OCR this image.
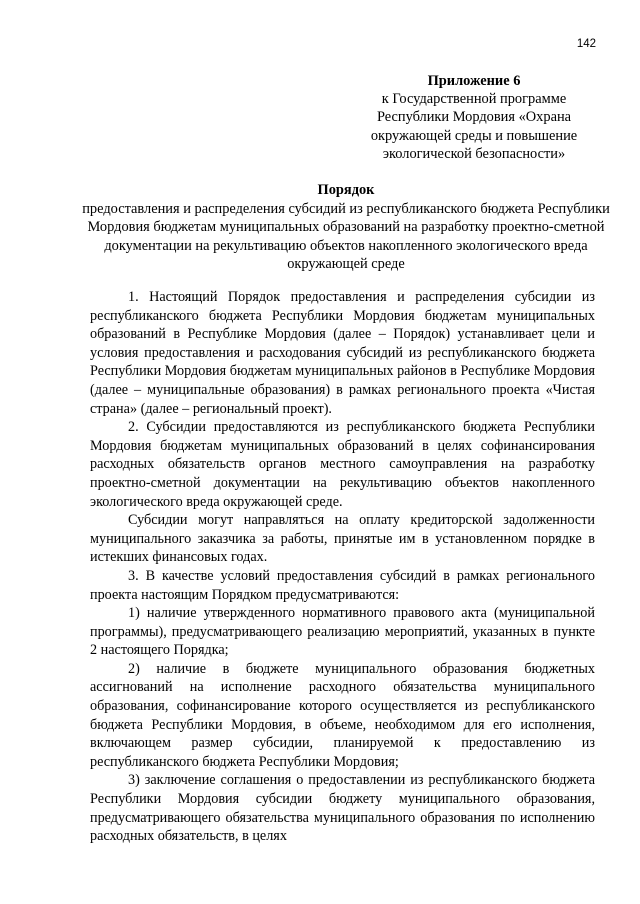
142
Приложение 6
к Государственной программе
Республики Мордовия «Охрана
окружающей среды и повышение
экологической безопасности»
Порядок
предоставления и распределения субсидий из республиканского бюджета Республики Мордовия бюджетам муниципальных образований на разработку проектно-сметной документации на рекультивацию объектов накопленного экологического вреда окружающей среде

1. Настоящий Порядок предоставления и распределения субсидии из республиканского бюджета Республики Мордовия бюджетам муниципальных образований в Республике Мордовия (далее – Порядок) устанавливает цели и условия предоставления и расходования субсидий из республиканского бюджета Республики Мордовия бюджетам муниципальных районов в Республике Мордовия (далее – муниципальные образования) в рамках регионального проекта «Чистая страна» (далее – региональный проект).

2. Субсидии предоставляются из республиканского бюджета Республики Мордовия бюджетам муниципальных образований в целях софинансирования расходных обязательств органов местного самоуправления на разработку проектно-сметной документации на рекультивацию объектов накопленного экологического вреда окружающей среде.

Субсидии могут направляться на оплату кредиторской задолженности муниципального заказчика за работы, принятые им в установленном порядке в истекших финансовых годах.

3. В качестве условий предоставления субсидий в рамках регионального проекта настоящим Порядком предусматриваются:

1) наличие утвержденного нормативного правового акта (муниципальной программы), предусматривающего реализацию мероприятий, указанных в пункте 2 настоящего Порядка;

2) наличие в бюджете муниципального образования бюджетных ассигнований на исполнение расходного обязательства муниципального образования, софинансирование которого осуществляется из республиканского бюджета Республики Мордовия, в объеме, необходимом для его исполнения, включающем размер субсидии, планируемой к предоставлению из республиканского бюджета Республики Мордовия;

3) заключение соглашения о предоставлении из республиканского бюджета Республики Мордовия субсидии бюджету муниципального образования, предусматривающего обязательства муниципального образования по исполнению расходных обязательств, в целях
